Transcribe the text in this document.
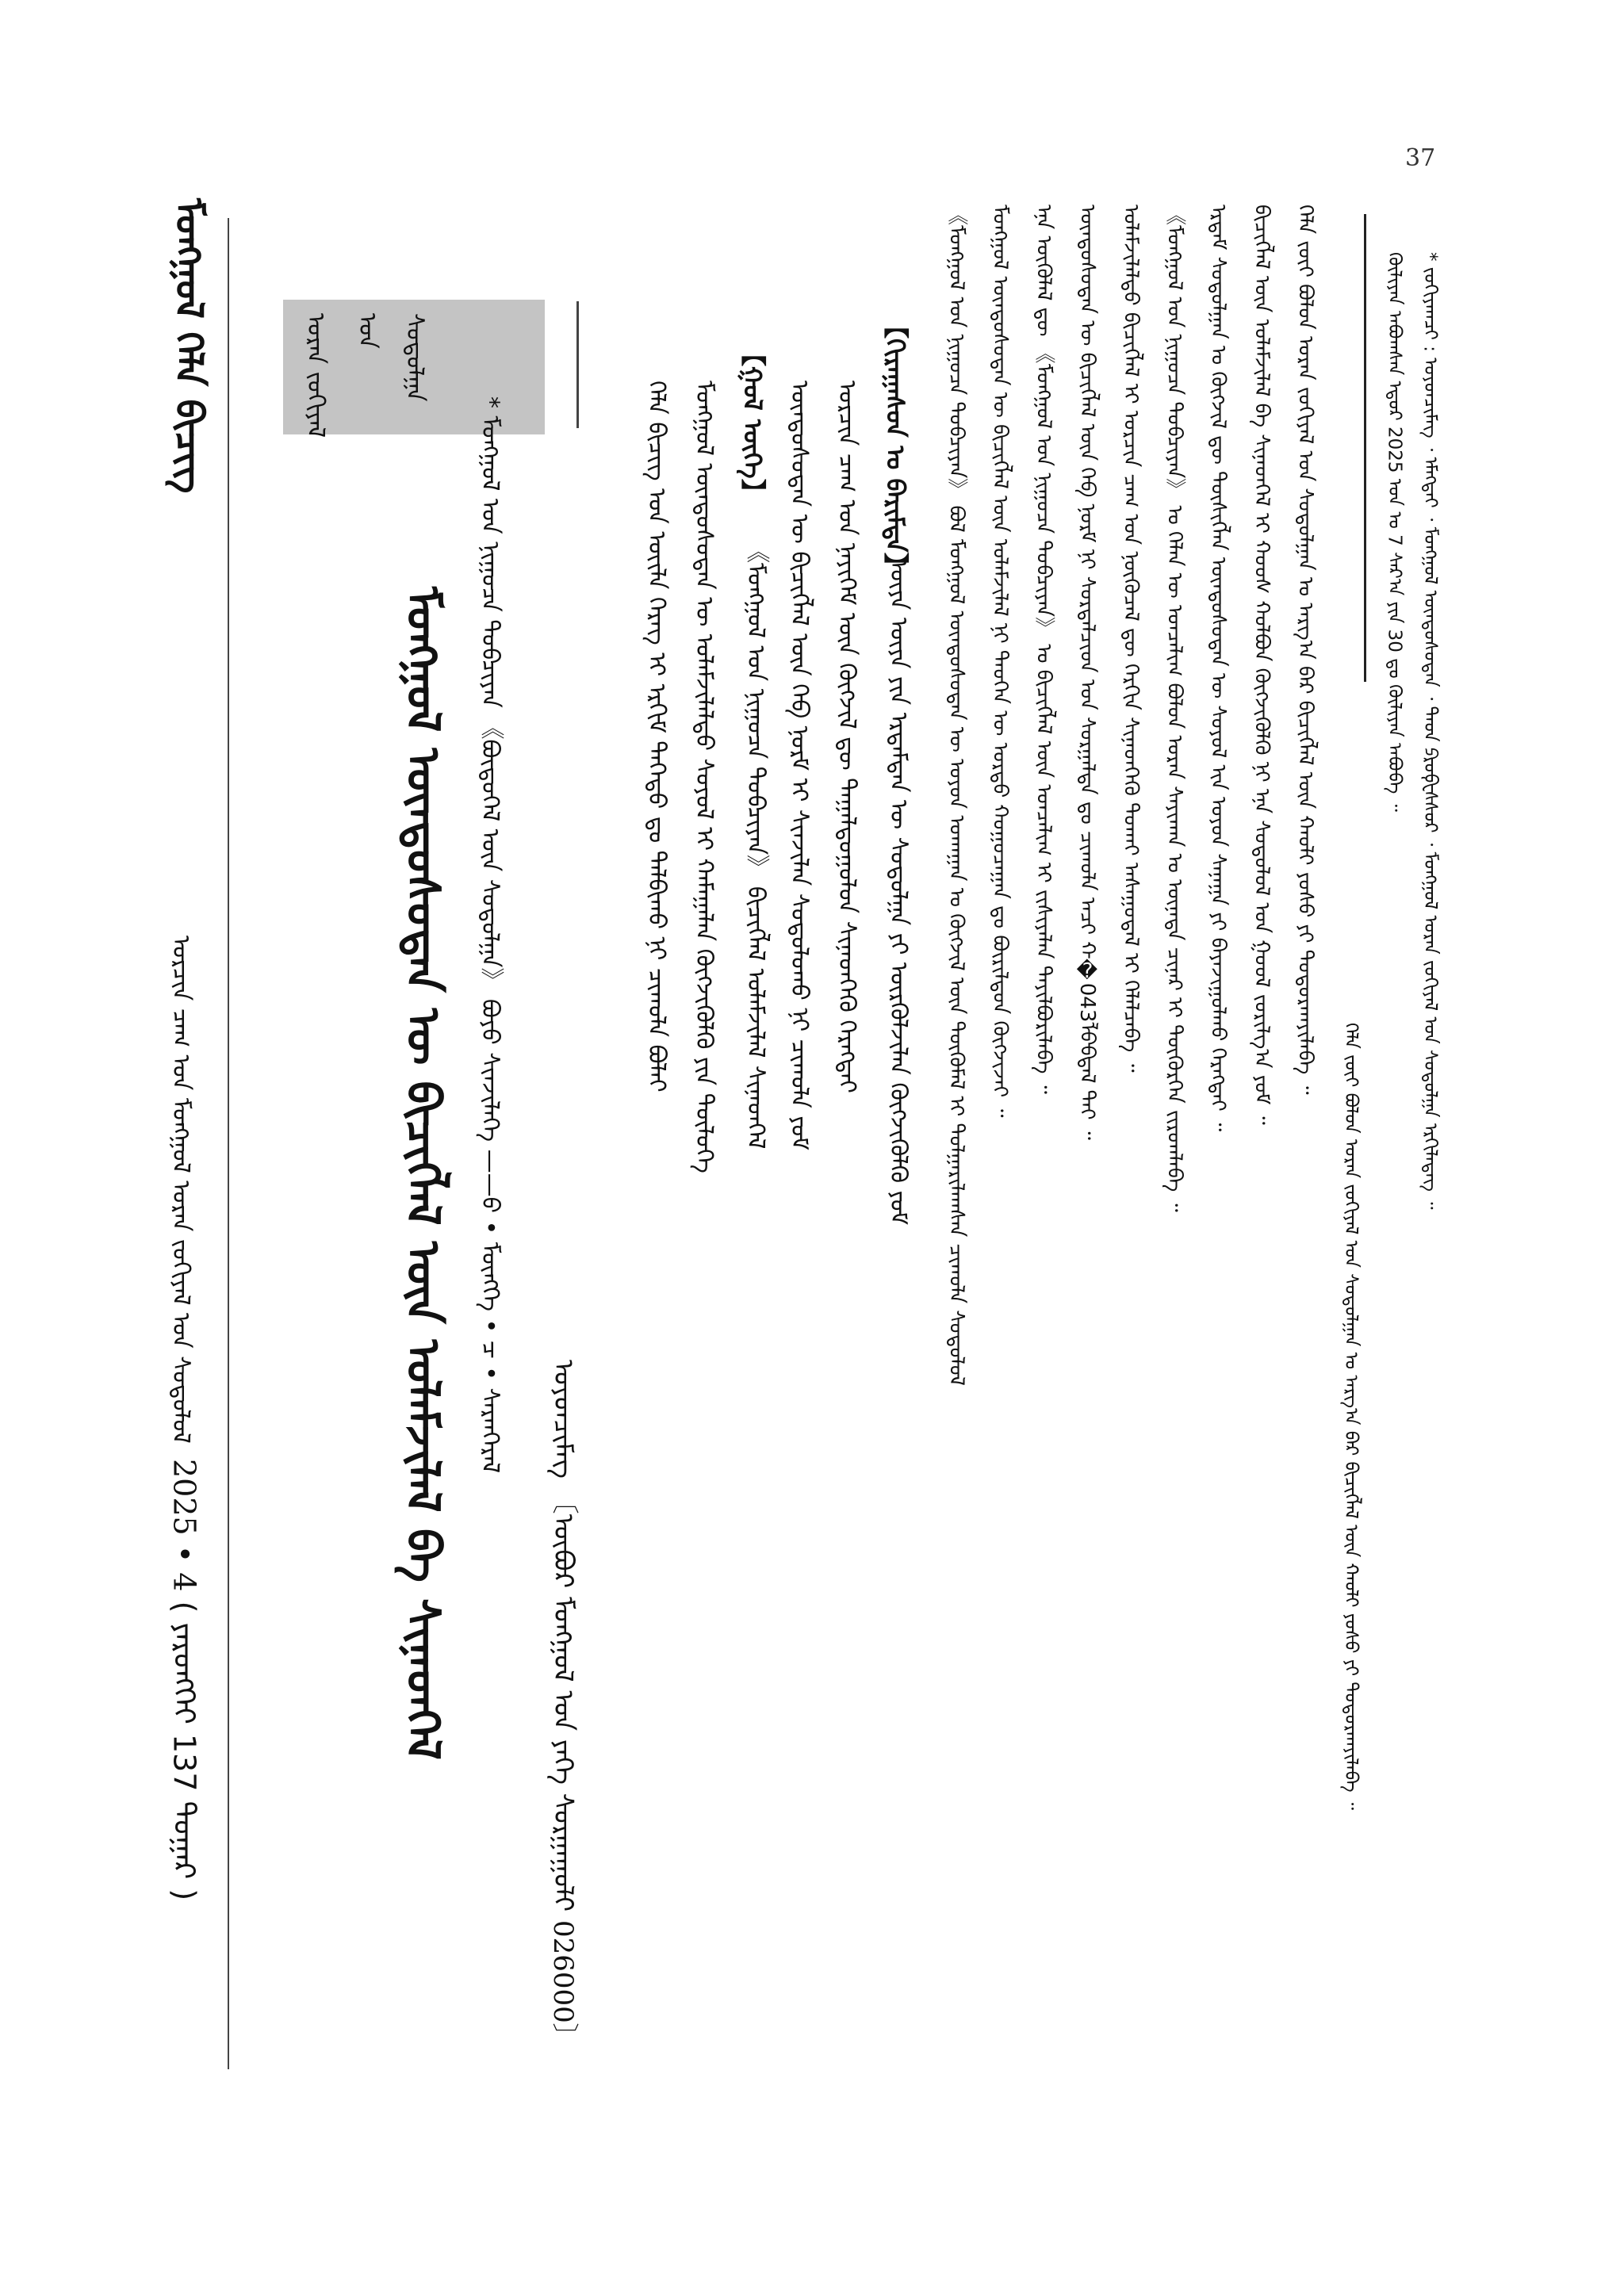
37
ᠮᠣᠩᠭᠣᠯ ᠬᠡᠯᠡ ᠪᠢᠴᠢᠭ
ᠣᠷᠴᠢᠨ ᠴᠠᠭ ᠤᠨ ᠮᠣᠩᠭᠣᠯ ᠤᠷᠠᠨ ᠵᠣᠬᠢᠶᠠᠯ ᠤᠨ ᠰᠤᠳᠤᠯᠤᠯ
2025 • 4 ( ᠶᠡᠷᠦᠩᠬᠡᠢ 137 ᠳᠤᠭᠠᠷ )
ᠤᠷᠠᠨ ᠵᠣᠬᠢᠶᠠᠯ	ᠤᠨ ᠰᠤᠳᠤᠯᠭᠠ
ᠮᠣᠩᠭᠣᠯ ᠦᠨᠳᠦᠰᠦᠲᠡᠨ ᠦ ᠪᠢᠴᠢᠭᠯᠡᠯ ᠦᠨ ᠤᠯᠠᠮᠵᠢᠯᠠᠯ ᠪᠠ ᠰᠢᠨᠡᠳᠬᠡᠯ	* ᠮᠣᠩᠭᠣᠯ ᠤᠨ ᠨᠢᠭᠤᠴᠠ ᠲᠣᠪᠴᠢᠶᠠᠨ 《ᠪᠦᠲᠦᠭᠡᠯ ᠦᠨ ᠰᠣᠳᠤᠯᠭᠠ》 ᠪᠤᠶᠤ ᠰᠢᠨᠵᠢᠯᠡᠭᠡ ——ᠪ • ᠮᠥᠩᠬᠡ • ᠴ • ᠰᠠᠷᠠᠨᠭᠡᠷᠡᠯ	ᠣᠶᠤᠨᠴᠢᠮᠡᠭ 〔ᠦᠪᠦᠷ ᠮᠣᠩᠭᠣᠯ ᠤᠨ ᠶᠡᠬᠡ ᠰᠤᠷᠭᠠᠭᠤᠯᠢ 026000〕
【ᠭᠣᠯ ᠦᠭᠡ】
《ᠮᠣᠩᠭᠣᠯ ᠤᠨ ᠨᠢᠭᠤᠴᠠ ᠲᠣᠪᠴᠢᠶᠠᠨ》 ᠪᠢᠴᠢᠭᠯᠡᠯ ᠤᠯᠠᠮᠵᠢᠯᠠᠯ ᠰᠢᠨᠡᠳᠬᠡᠯ
ᠬᠡᠯᠡ ᠪᠢᠴᠢᠭ ᠤᠨ ᠦᠢᠯᠡ ᠬᠡᠷᠡᠭ ᠢ ᠡᠷᠬᠢᠮ ᠳᠡᠭᠡᠳᠦ ᠳᠤ ᠲᠠᠯᠪᠢᠬᠤ ᠨᠢ ᠴᠢᠬᠤᠯᠠ ᠪᠣᠯᠠᠢ ᠮᠣᠩᠭᠣᠯ ᠦᠨᠳᠦᠰᠦᠲᠡᠨ ᠦ ᠤᠯᠠᠮᠵᠢᠯᠠᠯᠲᠤ ᠰᠣᠶᠣᠯ ᠢ ᠬᠠᠮᠠᠭᠠᠯᠠᠨ ᠬᠥᠭᠵᠢᠭᠦᠯᠬᠦ ᠶᠢᠨ ᠲᠥᠯᠦᠭᠡ	ᠦᠨᠳᠦᠰᠦᠲᠡᠨ ᠦ ᠪᠢᠴᠢᠭᠯᠡᠯ ᠦᠨ ᠬᠡᠪ ᠨᠣᠷᠮ ᠢ ᠰᠢᠨᠵᠢᠯᠡᠨ ᠰᠤᠳᠤᠯᠤᠬᠤ ᠨᠢ ᠴᠢᠬᠤᠯᠠ ᠶᠤᠮ ᠣᠷᠴᠢᠨ ᠴᠠᠭ ᠤᠨ ᠨᠡᠶᠢᠭᠡᠮ ᠦᠨ ᠬᠥᠭᠵᠢᠯ ᠳᠦ ᠳᠠᠭᠠᠯᠳᠤᠭᠤᠯᠤᠨ ᠰᠢᠨᠡᠳᠬᠡᠬᠦ ᠬᠡᠷᠡᠭᠲᠡᠢ 【ᠬᠢᠷᠠᠭᠠᠰᠤᠨ ᠤ ᠪᠠᠷᠢᠮᠲᠠ】
ᠦᠶᠡ ᠦᠶᠡ ᠶᠢᠨ ᠡᠷᠳᠡᠮᠲᠡᠨ ᠦ ᠰᠤᠳᠤᠯᠭᠠ ᠶᠢ ᠦᠷᠭᠦᠯᠵᠢᠯᠡᠨ ᠬᠥᠭᠵᠢᠭᠦᠯᠬᠦ ᠶᠤᠮ	《ᠮᠣᠩᠭᠣᠯ ᠤᠨ ᠨᠢᠭᠤᠴᠠ ᠲᠣᠪᠴᠢᠶᠠᠨ》 ᠪᠣᠯ ᠮᠣᠩᠭᠣᠯ ᠦᠨᠳᠦᠰᠦᠲᠡᠨ ᠦ ᠣᠶᠤᠨ ᠤᠬᠠᠭᠠᠨ ᠤ ᠬᠥᠭᠵᠢᠯ ᠦᠨ ᠲᠦᠬᠦᠮᠡᠯ ᠢ ᠲᠤᠯᠭᠠᠷᠢᠯᠠᠭᠰᠠᠨ ᠴᠢᠬᠤᠯᠠ ᠰᠤᠳᠤᠯᠤᠯ ᠮᠣᠩᠭᠣᠯ ᠦᠨᠳᠦᠰᠦᠲᠡᠨ ᠦ ᠪᠢᠴᠢᠭᠯᠡᠯ ᠦᠨ ᠤᠯᠠᠮᠵᠢᠯᠠᠯ ᠨᠢ ᠲᠡᠦᠬᠡᠨ ᠦ ᠤᠷᠲᠤ ᠬᠤᠭᠤᠴᠠᠭᠠᠨ ᠳᠤ ᠪᠦᠷᠢᠯᠳᠦᠨ ᠬᠥᠭᠵᠢᠵᠡᠢ ᠃ ᠡᠨᠡ ᠥᠭᠦᠯᠡᠯ ᠳᠦ 《ᠮᠣᠩᠭᠣᠯ ᠤᠨ ᠨᠢᠭᠤᠴᠠ ᠲᠣᠪᠴᠢᠶᠠᠨ》 ᠤ ᠪᠢᠴᠢᠭᠯᠡᠯ ᠦᠨ ᠣᠨᠴᠠᠯᠢᠭ ᠢ ᠵᠢᠱᠢᠶᠡᠯᠡᠨ ᠲᠠᠶᠢᠯᠪᠤᠷᠢᠯᠠᠪᠠ ᠃ ᠦᠨᠳᠦᠰᠦᠲᠡᠨ ᠦ ᠪᠢᠴᠢᠭᠯᠡᠯ ᠦᠨ ᠬᠡᠪ ᠨᠣᠷᠮ ᠨᠢ ᠰᠤᠷᠲᠠᠯᠴᠢᠳ ᠤᠨ ᠰᠤᠷᠭᠠᠯᠲᠠ ᠳᠤ ᠴᠢᠬᠤᠯᠠ ᠠᠴᠢ ᠬ�043ᠯᠪᠪᠳᠠᠯ ᠲᠠᠢ ᠃ ᠤᠯᠠᠮᠵᠢᠯᠠᠯᠲᠤ ᠪᠢᠴᠢᠭᠯᠡᠯ ᠢ ᠣᠷᠴᠢᠨ ᠴᠠᠭ ᠤᠨ ᠨᠥᠬᠦᠴᠡᠯ ᠳᠦ ᠬᠡᠷᠬᠢᠨ ᠰᠢᠨᠡᠳᠬᠡᠬᠦ ᠲᠤᠬᠠᠢ ᠠᠰᠠᠭᠤᠳᠠᠯ ᠢ ᠬᠡᠯᠡᠯᠴᠡᠪᠡ ᠃ 《ᠮᠣᠩᠭᠣᠯ ᠤᠨ ᠨᠢᠭᠤᠴᠠ ᠲᠣᠪᠴᠢᠶᠠᠨ》 ᠤ ᠬᠡᠯᠡᠨ ᠦ ᠣᠨᠴᠠᠯᠢᠭ ᠪᠣᠯᠤᠨ ᠤᠷᠠᠨ ᠰᠠᠶᠢᠬᠠᠨ ᠤ ᠦᠨᠡᠲᠡ ᠴᠢᠨᠠᠷ ᠢ ᠳᠦᠭᠦᠷᠭᠡᠨ ᠵᠢᠷᠤᠭᠯᠠᠪᠠ ᠃ ᠡᠷᠳᠡᠮ ᠰᠤᠳᠤᠯᠭᠠᠨ ᠤ ᠬᠥᠭᠵᠢᠯ ᠳᠦ ᠲᠦᠰᠢᠭᠯᠡᠨ ᠦᠨᠳᠦᠰᠦᠲᠡᠨ ᠦ ᠰᠣᠶᠣᠯ ᠢᠨ ᠣᠶᠤᠨ ᠰᠠᠨᠠᠭᠠ ᠶᠢ ᠪᠠᠶᠠᠵᠢᠭᠤᠯᠬᠤ ᠬᠡᠷᠡᠭᠲᠡᠢ ᠃ ᠪᠢᠴᠢᠭᠯᠡᠯ ᠦᠨ ᠤᠯᠠᠮᠵᠢᠯᠠᠯ ᠪᠠ ᠰᠢᠨᠡᠳᠬᠡᠯ ᠢ ᠬᠣᠣᠰ ᠬᠣᠯᠪᠣᠨ ᠬᠥᠭᠵᠢᠭᠦᠯᠬᠦ ᠨᠢ ᠡᠨᠡ ᠰᠤᠳᠤᠯᠤᠯ ᠤᠨ ᠭᠣᠣᠯ ᠵᠣᠷᠢᠯᠭ᠎ᠠ ᠶᠤᠮ ᠃ ᠬᠡᠯᠡ ᠵᠦᠢ ᠪᠣᠯᠣᠨ ᠤᠷᠠᠨ ᠵᠣᠬᠢᠶᠠᠯ ᠤᠨ ᠰᠤᠳᠤᠯᠭᠠᠨ ᠤ ᠠᠷᠭ᠎ᠠ ᠪᠠᠷ ᠪᠢᠴᠢᠭᠯᠡᠯ ᠦᠨ ᠬᠠᠤᠯᠢ ᠶᠣᠰᠣ ᠶᠢ ᠲᠣᠳᠤᠷᠬᠠᠶᠢᠯᠠᠪᠠ ᠃
ᠬᠡᠯᠡ ᠵᠦᠢ ᠪᠣᠯᠣᠨ ᠤᠷᠠᠨ ᠵᠣᠬᠢᠶᠠᠯ ᠤᠨ ᠰᠤᠳᠤᠯᠭᠠᠨ ᠤ ᠠᠷᠭ᠎ᠠ ᠪᠠᠷ ᠪᠢᠴᠢᠭᠯᠡᠯ ᠦᠨ ᠬᠠᠤᠯᠢ ᠶᠣᠰᠣ ᠶᠢ ᠲᠣᠳᠤᠷᠬᠠᠶᠢᠯᠠᠪᠠ ᠃
ᠬᠦᠯᠢᠶᠡᠨ ᠠᠪᠤᠭᠰᠠᠨ ᠡᠳᠦᠷ 2025 ᠣᠨ ᠤ 7 ᠰᠠᠷ᠎ᠠ ᠶᠢᠨ 30 ᠳᠤ ᠬᠦᠯᠢᠶᠡᠨ ᠠᠪᠤᠪᠠ ᠃ * ᠵᠣᠬᠢᠶᠠᠭᠴᠢ : ᠣᠶᠤᠨᠴᠢᠮᠡᠭ ᠂ ᠡᠮᠡᠭᠲᠡᠢ ᠂ ᠮᠣᠩᠭᠣᠯ ᠦᠨᠳᠦᠰᠦᠲᠡᠨ ᠂ ᠳᠡᠳ ᠫᠷᠣᠹᠧᠰᠰᠣᠷ ᠂ ᠮᠣᠩᠭᠣᠯ ᠤᠷᠠᠨ ᠵᠣᠬᠢᠶᠠᠯ ᠤᠨ ᠰᠤᠳᠤᠯᠭᠠ ᠡᠷᠬᠢᠯᠡᠳᠡᠭ ᠃
